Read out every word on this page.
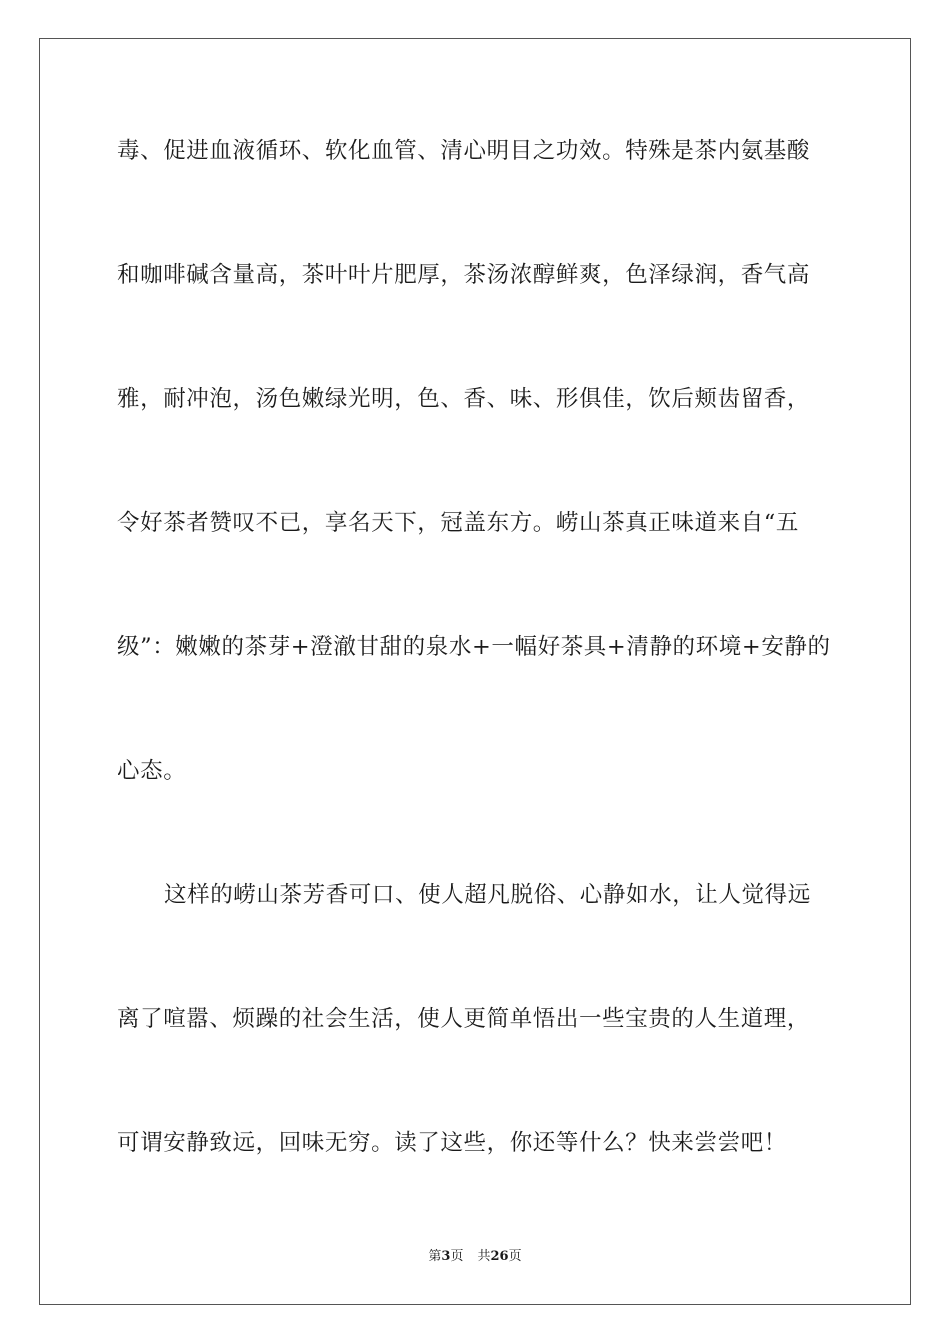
毒、促进血液循环、软化血管、清心明目之功效。特殊是茶内氨基酸
和咖啡碱含量高，茶叶叶片肥厚，茶汤浓醇鲜爽，色泽绿润，香气高
雅，耐冲泡，汤色嫩绿光明，色、香、味、形俱佳，饮后颊齿留香，
令好茶者赞叹不已，享名天下，冠盖东方。崂山茶真正味道来自“五
级”：嫩嫩的茶芽+澄澈甘甜的泉水+一幅好茶具+清静的环境+安静的
心态。
这样的崂山茶芳香可口、使人超凡脱俗、心静如水，让人觉得远
离了喧嚣、烦躁的社会生活，使人更简单悟出一些宝贵的人生道理，
可谓安静致远，回味无穷。读了这些，你还等什么？快来尝尝吧！
第3页 共26页
